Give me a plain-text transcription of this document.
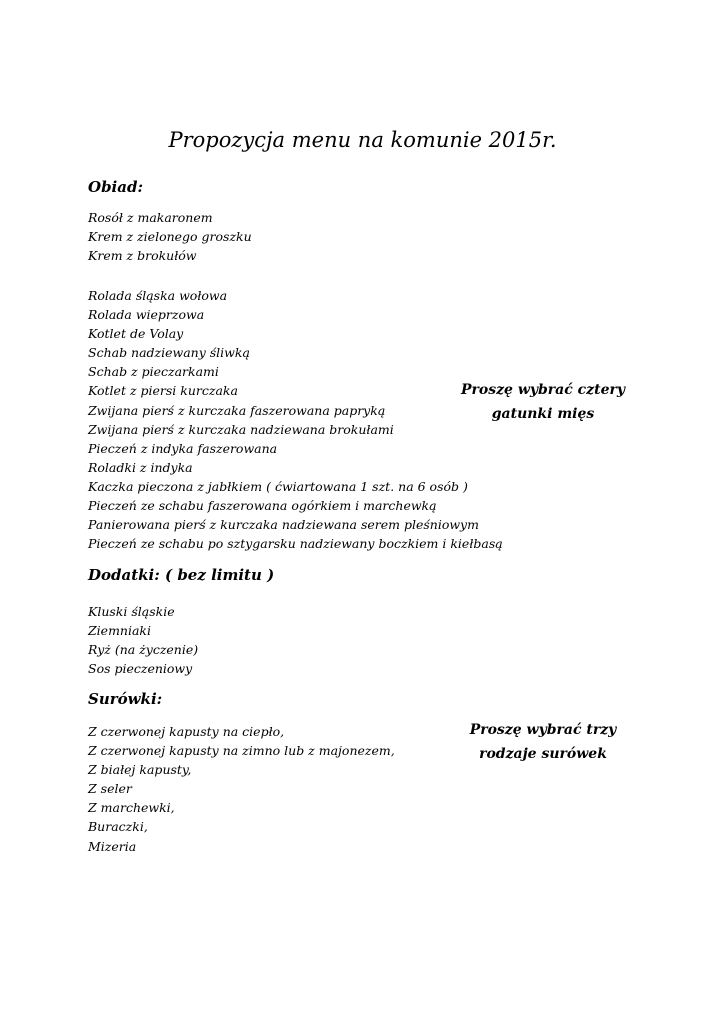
Propozycja menu na komunie 2015r.
Obiad:
Rosół z makaronem
Krem z zielonego groszku
Krem z brokułów
Rolada śląska wołowa
Rolada wieprzowa
Kotlet de Volay
Schab nadziewany śliwką
Schab z pieczarkami
Kotlet z piersi kurczaka
Zwijana pierś z kurczaka faszerowana papryką
Zwijana pierś z kurczaka nadziewana brokułami
Pieczeń z indyka faszerowana
Roladki z indyka
Kaczka pieczona z jabłkiem ( ćwiartowana 1 szt. na 6 osób )
Pieczeń ze schabu faszerowana ogórkiem i marchewką
Panierowana pierś z kurczaka nadziewana serem pleśniowym
Pieczeń ze schabu po sztygarsku nadziewany boczkiem i kiełbasą
Proszę wybrać cztery
gatunki mięs
Dodatki: ( bez limitu )
Kluski śląskie
Ziemniaki
Ryż (na życzenie)
Sos pieczeniowy
Surówki:
Z czerwonej kapusty na ciepło,
Z czerwonej kapusty na zimno lub z majonezem,
Z białej kapusty,
Z seler
Z marchewki,
Buraczki,
Mizeria
Proszę wybrać trzy
rodzaje surówek
